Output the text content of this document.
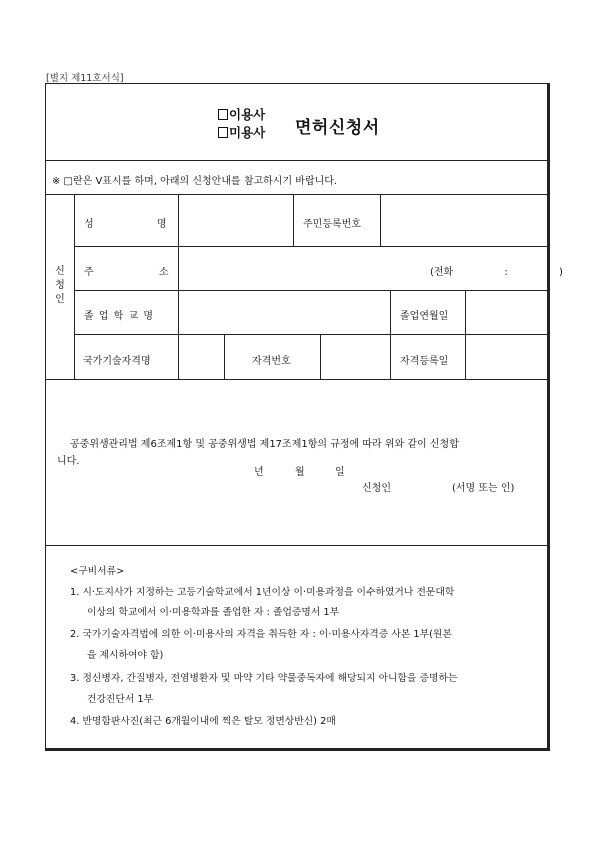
[별지 제11호서식]
이용사
미용사 면허신청서
※ □란은 V표시를 하며, 아래의 신청안내를 참고하시기 바랍니다.
신청인
성 명	주민등록번호
주 소	(전화 : )
졸 업 학 교 명	졸업연월일
국가기술자격명	자격번호	자격등록일
공중위생관리법 제6조제1항 및 공중위생법 제17조제1항의 규정에 따라 위와 같이 신청합
니다.
년	월	일
신청인	(서명 또는 인)
<구비서류>
1. 시·도지사가 지정하는 고등기술학교에서 1년이상 이·미용과정을 이수하였거나 전문대학
이상의 학교에서 이·미용학과를 졸업한 자 : 졸업증명서 1부
2. 국가기술자격법에 의한 이·미용사의 자격을 취득한 자 : 이·미용사자격증 사본 1부(원본
을 제시하여야 함)
3. 정신병자, 간질병자, 전염병환자 및 마약 기타 약물중독자에 해당되지 아니함을 증명하는
건강진단서 1부
4. 반명함판사진(최근 6개월이내에 찍은 탈모 정면상반신) 2매
